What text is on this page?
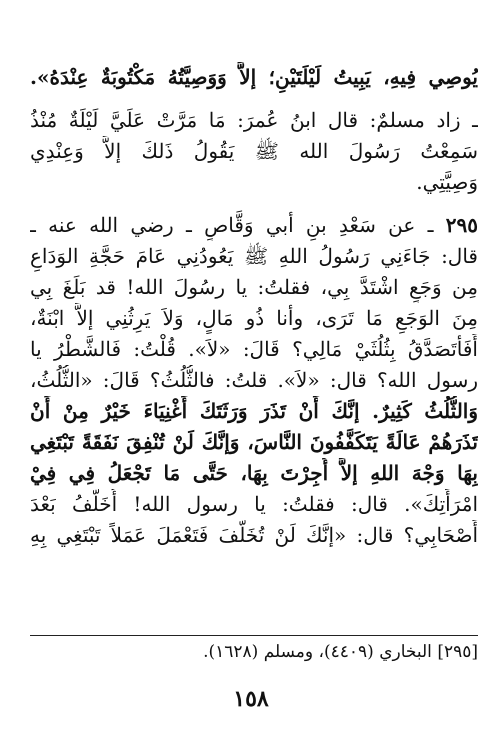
يُوصِي فِيهِ، يَبِيتُ لَيْلَتَيْنِ؛ إلاَّ وَوَصِيَّتُهُ مَكْتُوبَةٌ عِنْدَهُ».
ـ زاد مسلمٌ: قال ابنُ عُمرَ: مَا مَرَّتْ عَلَيَّ لَيْلَةٌ مُنْذُ
سَمِعْتُ رَسُولَ الله ﷺ يَقُولُ ذَلكَ إلاَّ وَعِنْدِي
وَصِيَّتِي.
٢٩٥ ـ عن سَعْدِ بنِ أبي وَقَّاصٍ ـ رضي الله عنه ـ
قال: جَاءَنِي رَسُولُ اللهِ ﷺ يَعُودُنِي عَامَ حَجَّةِ الوَدَاعِ
مِن وَجَعٍ اشْتَدَّ بِي، فقلتُ: يا رسُولَ الله! قد بَلَغَ بِي
مِنَ الوَجَعِ مَا تَرَى، وأنا ذُو مَالٍ، وَلاَ يَرِثُنِي إلاَّ ابْنَةٌ،
أَفَأَتَصَدَّقُ بِثُلُثَيْ مَالِي؟ قَالَ: «لاَ». قُلْتُ: فَالشَّطْرُ يا
رسول الله؟ قال: «لاَ». قلتُ: فالثُّلُثُ؟ قَالَ: «الثُّلُثُ،
وَالثُّلُثُ كَثِيرٌ. إنَّكَ أَنْ تَذَرَ وَرَثَتَكَ أَغْنِيَاءَ خَيْرٌ مِنْ أَنْ
تَذَرَهُمْ عَالَةً يَتَكَفَّفُونَ النَّاسَ، وَإنَّكَ لَنْ تُنْفِقَ نَفَقَةً تَبْتَغِي
بِهَا وَجْهَ اللهِ إلاَّ أُجِرْتَ بِهَا، حَتَّى مَا تَجْعَلُ فِي فِيْ
امْرَأَتِكَ». قال: فقلتُ: يا رسول الله! أُخَلَّفُ بَعْدَ
أَصْحَابِي؟ قال: «إنَّكَ لَنْ تُخَلَّفَ فَتَعْمَلَ عَمَلاً تَبْتَغِي بِهِ
[٢٩٥] البخاري (٤٤٠٩)، ومسلم (١٦٢٨).
١٥٨
